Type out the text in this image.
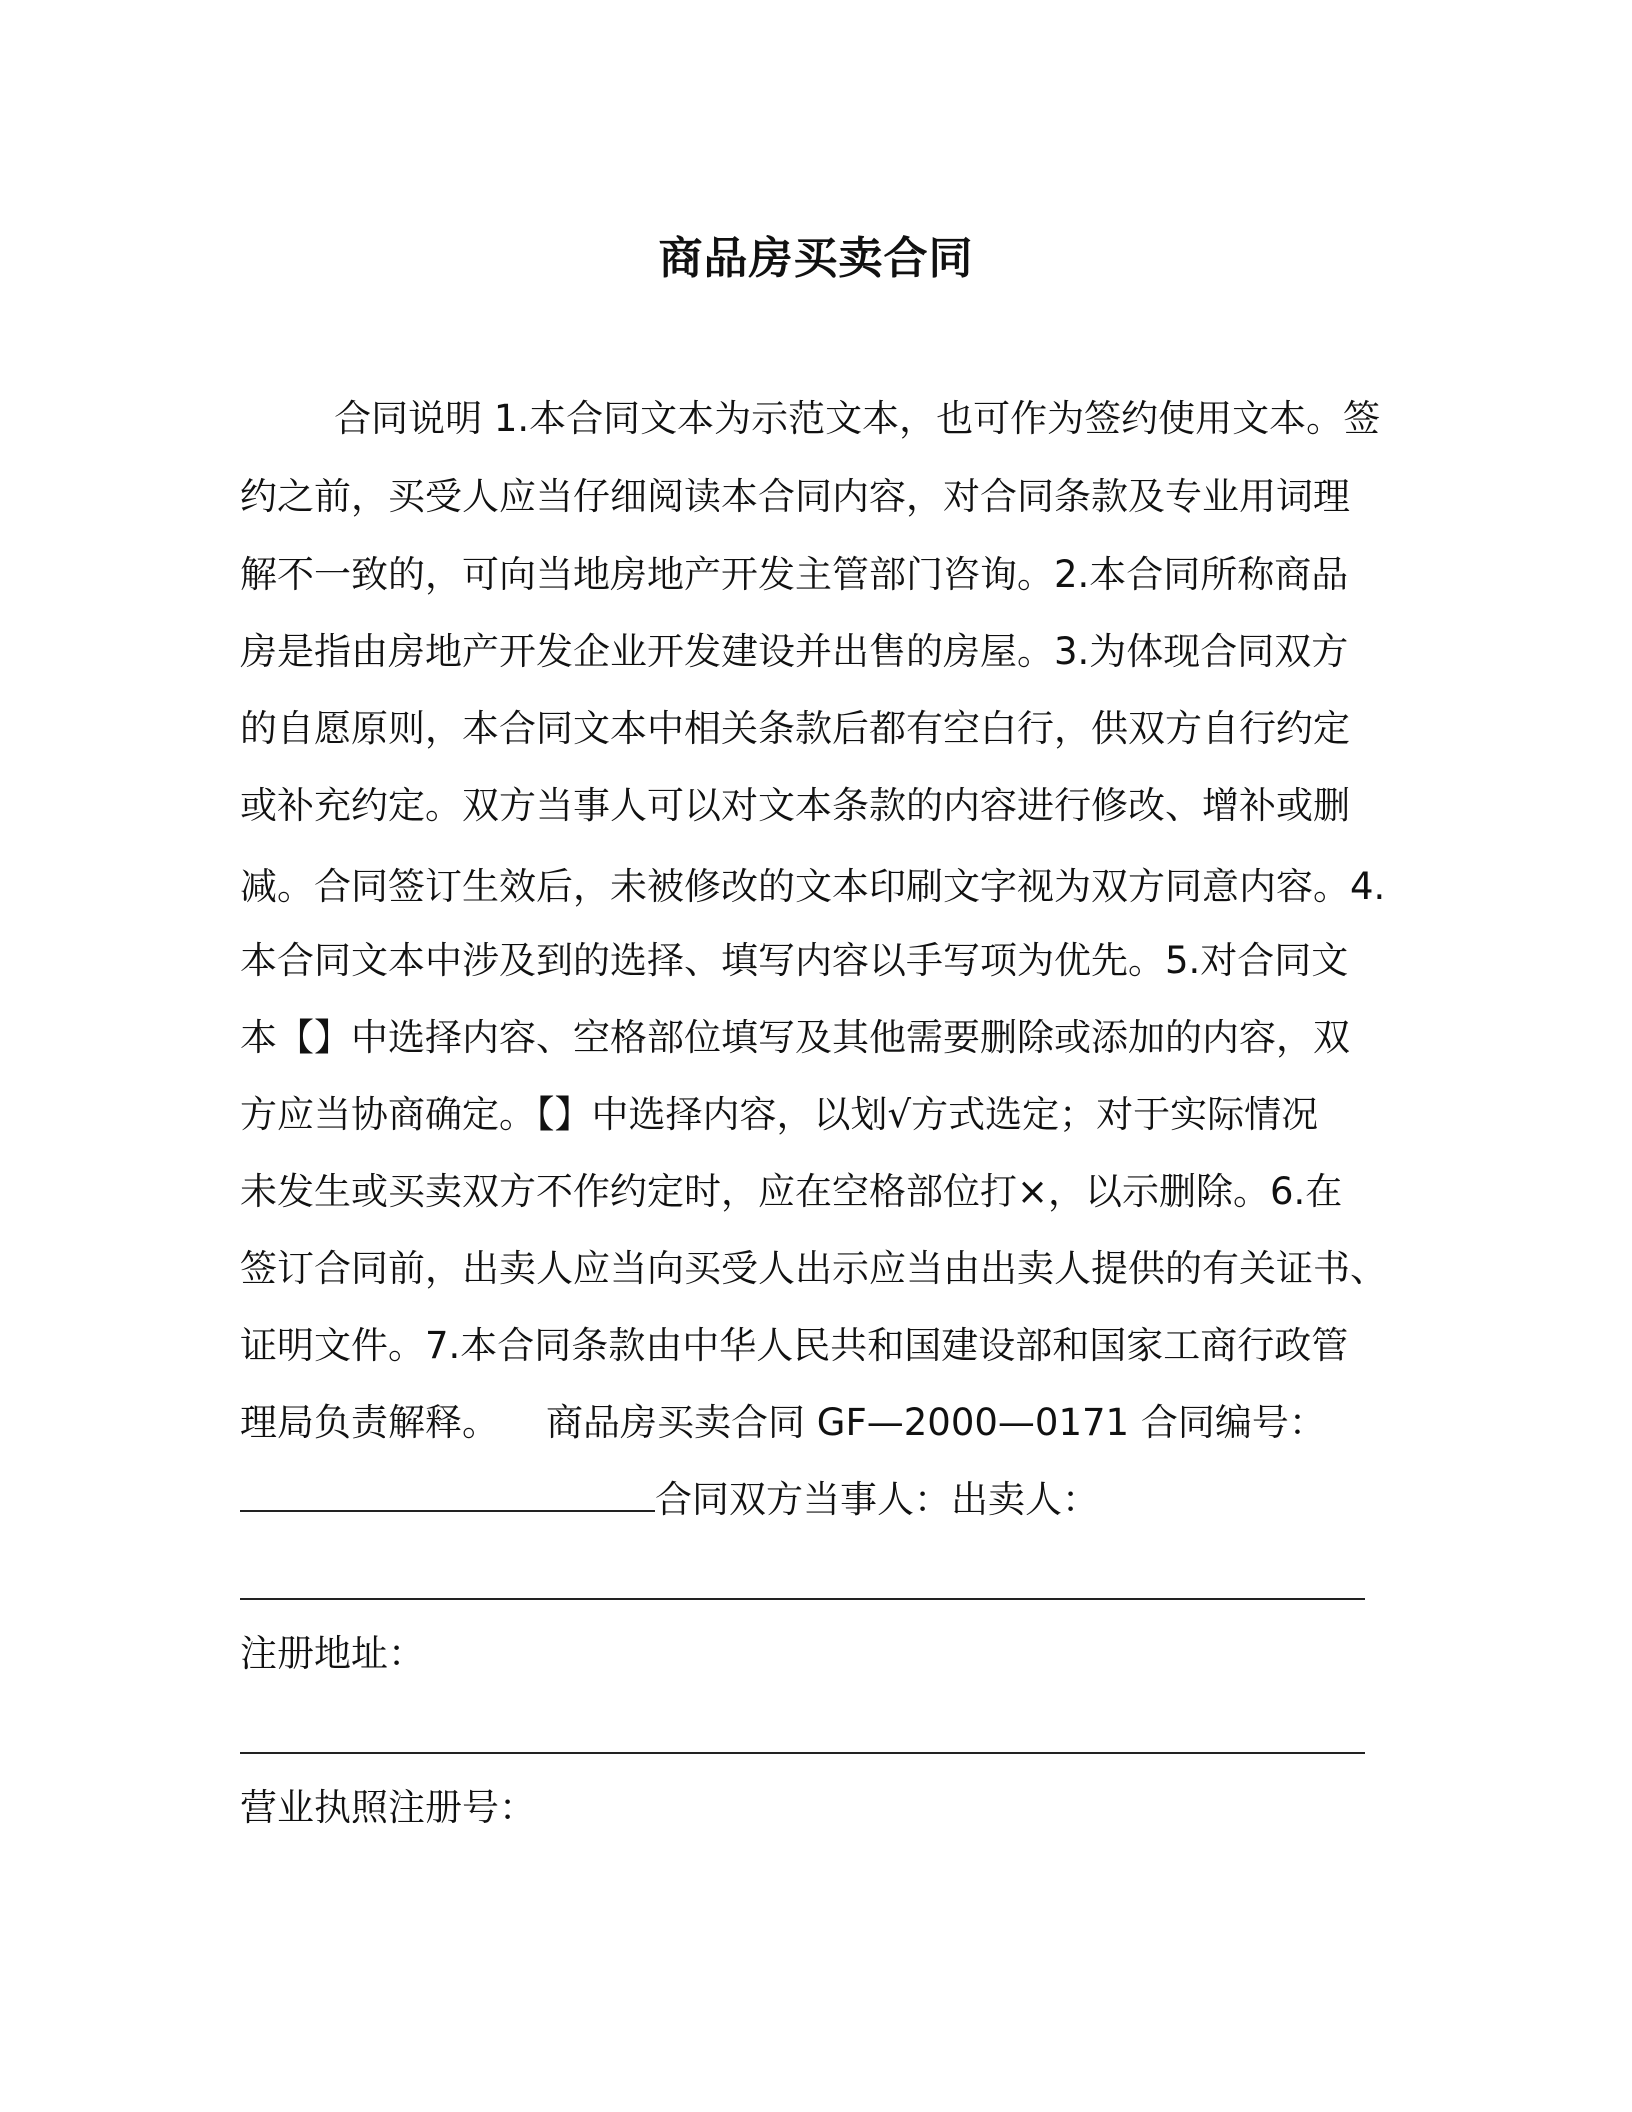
商品房买卖合同
合同说明 1.本合同文本为示范文本，也可作为签约使用文本。签
约之前，买受人应当仔细阅读本合同内容，对合同条款及专业用词理
解不一致的，可向当地房地产开发主管部门咨询。2.本合同所称商品
房是指由房地产开发企业开发建设并出售的房屋。3.为体现合同双方
的自愿原则，本合同文本中相关条款后都有空白行，供双方自行约定
或补充约定。双方当事人可以对文本条款的内容进行修改、增补或删
减。合同签订生效后，未被修改的文本印刷文字视为双方同意内容。4.
本合同文本中涉及到的选择、填写内容以手写项为优先。5.对合同文
本【】中选择内容、空格部位填写及其他需要删除或添加的内容，双
方应当协商确定。【】中选择内容，以划√方式选定；对于实际情况
未发生或买卖双方不作约定时，应在空格部位打×，以示删除。6.在
签订合同前，出卖人应当向买受人出示应当由出卖人提供的有关证书、
证明文件。7.本合同条款由中华人民共和国建设部和国家工商行政管
理局负责解释。    商品房买卖合同 GF—2000—0171 合同编号：
合同双方当事人：出卖人：
注册地址：
营业执照注册号：
